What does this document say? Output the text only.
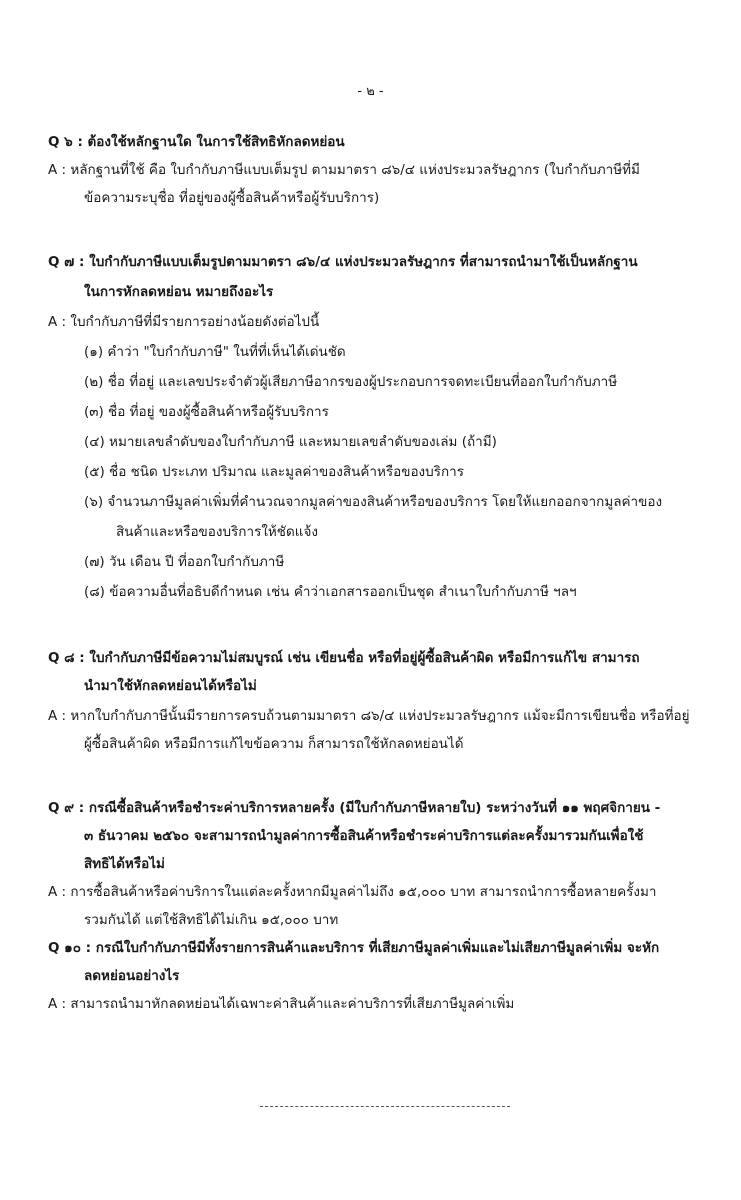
- ๒ -
Q ๖ : ต้องใช้หลักฐานใด ในการใช้สิทธิหักลดหย่อน
A : หลักฐานที่ใช้ คือ ใบกำกับภาษีแบบเต็มรูป ตามมาตรา ๘๖/๔ แห่งประมวลรัษฎากร (ใบกำกับภาษีที่มี
ข้อความระบุชื่อ ที่อยู่ของผู้ซื้อสินค้าหรือผู้รับบริการ)
Q ๗ : ใบกำกับภาษีแบบเต็มรูปตามมาตรา ๘๖/๔ แห่งประมวลรัษฎากร ที่สามารถนำมาใช้เป็นหลักฐาน
ในการหักลดหย่อน หมายถึงอะไร
A : ใบกำกับภาษีที่มีรายการอย่างน้อยดังต่อไปนี้
(๑) คำว่า "ใบกำกับภาษี" ในที่ที่เห็นได้เด่นชัด
(๒) ชื่อ ที่อยู่ และเลขประจำตัวผู้เสียภาษีอากรของผู้ประกอบการจดทะเบียนที่ออกใบกำกับภาษี
(๓) ชื่อ ที่อยู่ ของผู้ซื้อสินค้าหรือผู้รับบริการ
(๔) หมายเลขลำดับของใบกำกับภาษี และหมายเลขลำดับของเล่ม (ถ้ามี)
(๕) ชื่อ ชนิด ประเภท ปริมาณ และมูลค่าของสินค้าหรือของบริการ
(๖) จำนวนภาษีมูลค่าเพิ่มที่คำนวณจากมูลค่าของสินค้าหรือของบริการ โดยให้แยกออกจากมูลค่าของ
สินค้าและหรือของบริการให้ชัดแจ้ง
(๗) วัน เดือน ปี ที่ออกใบกำกับภาษี
(๘) ข้อความอื่นที่อธิบดีกำหนด เช่น คำว่าเอกสารออกเป็นชุด สำเนาใบกำกับภาษี ฯลฯ
Q ๘ : ใบกำกับภาษีมีข้อความไม่สมบูรณ์ เช่น เขียนชื่อ หรือที่อยู่ผู้ซื้อสินค้าผิด หรือมีการแก้ไข สามารถ
นำมาใช้หักลดหย่อนได้หรือไม่
A : หากใบกำกับภาษีนั้นมีรายการครบถ้วนตามมาตรา ๘๖/๔ แห่งประมวลรัษฎากร แม้จะมีการเขียนชื่อ หรือที่อยู่
ผู้ซื้อสินค้าผิด หรือมีการแก้ไขข้อความ ก็สามารถใช้หักลดหย่อนได้
Q ๙ : กรณีซื้อสินค้าหรือชำระค่าบริการหลายครั้ง (มีใบกำกับภาษีหลายใบ) ระหว่างวันที่ ๑๑ พฤศจิกายน -
๓ ธันวาคม ๒๕๖๐ จะสามารถนำมูลค่าการซื้อสินค้าหรือชำระค่าบริการแต่ละครั้งมารวมกันเพื่อใช้
สิทธิได้หรือไม่
A : การซื้อสินค้าหรือค่าบริการในแต่ละครั้งหากมีมูลค่าไม่ถึง ๑๕,๐๐๐ บาท สามารถนำการซื้อหลายครั้งมา
รวมกันได้ แต่ใช้สิทธิได้ไม่เกิน ๑๕,๐๐๐ บาท
Q ๑๐ : กรณีใบกำกับภาษีมีทั้งรายการสินค้าและบริการ ที่เสียภาษีมูลค่าเพิ่มและไม่เสียภาษีมูลค่าเพิ่ม จะหัก
ลดหย่อนอย่างไร
A : สามารถนำมาหักลดหย่อนได้เฉพาะค่าสินค้าและค่าบริการที่เสียภาษีมูลค่าเพิ่ม
